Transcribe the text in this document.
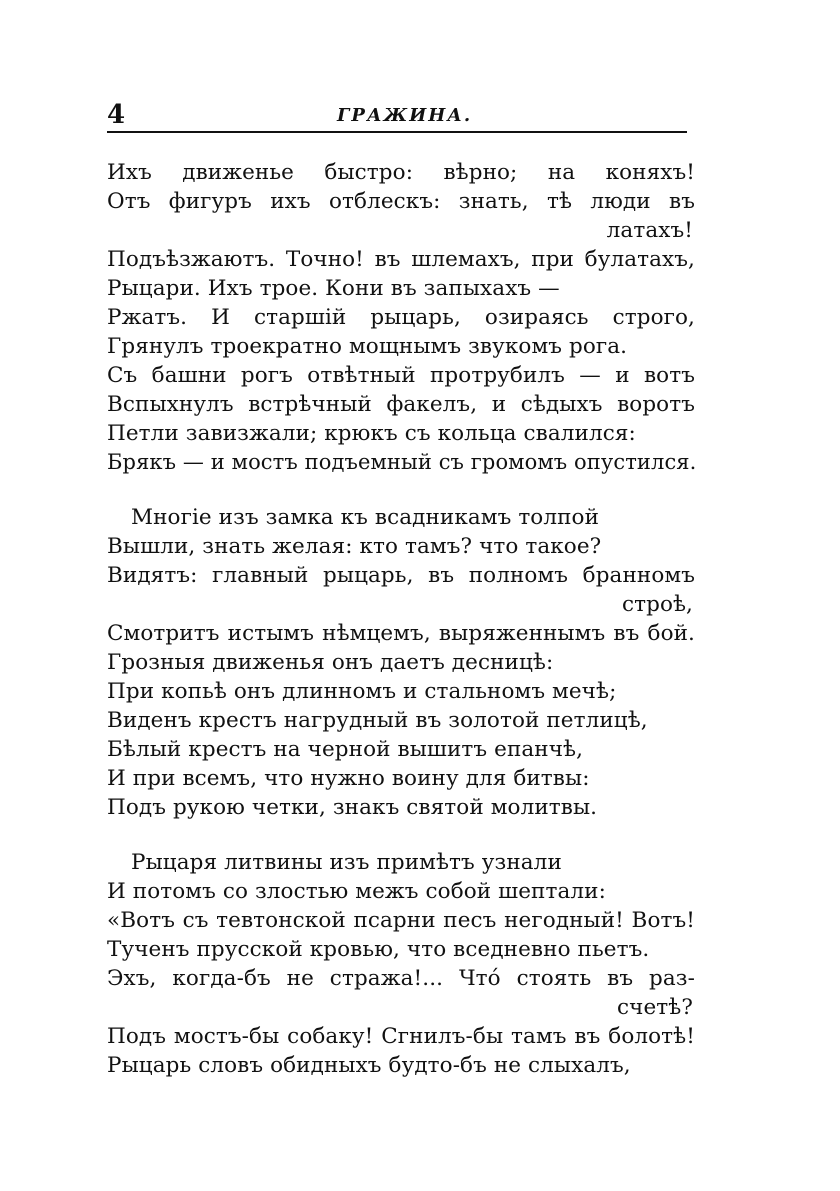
4	ГРАЖИНА.
Ихъ движенье быстро: вѣрно; на коняхъ!
Отъ фигуръ ихъ отблескъ: знать, тѣ люди въ
латахъ!
Подъѣзжаютъ. Точно! въ шлемахъ, при булатахъ,
Рыцари. Ихъ трое. Кони въ запыхахъ —
Ржатъ. И старшій рыцарь, озираясь строго,
Грянулъ троекратно мощнымъ звукомъ рога.
Съ башни рогъ отвѣтный протрубилъ — и вотъ
Вспыхнулъ встрѣчный факелъ, и сѣдыхъ воротъ
Петли завизжали; крюкъ съ кольца свалился:
Брякъ — и мостъ подъемный съ громомъ опустился.
Многіе изъ замка къ всадникамъ толпой
Вышли, знать желая: кто тамъ? что такое?
Видятъ: главный рыцарь, въ полномъ бранномъ
строѣ,
Смотритъ истымъ нѣмцемъ, выряженнымъ въ бой.
Грозныя движенья онъ даетъ десницѣ:
При копьѣ онъ длинномъ и стальномъ мечѣ;
Виденъ крестъ нагрудный въ золотой петлицѣ,
Бѣлый крестъ на черной вышитъ епанчѣ,
И при всемъ, что нужно воину для битвы:
Подъ рукою четки, знакъ святой молитвы.
Рыцаря литвины изъ примѣтъ узнали
И потомъ со злостью межъ собой шептали:
«Вотъ съ тевтонской псарни песъ негодный! Вотъ!
Тученъ прусской кровью, что вседневно пьетъ.
Эхъ, когда-бъ не стража!... Чтó стоять въ раз-
счетѣ?
Подъ мостъ-бы собаку! Сгнилъ-бы тамъ въ болотѣ!
Рыцарь словъ обидныхъ будто-бъ не слыхалъ,
